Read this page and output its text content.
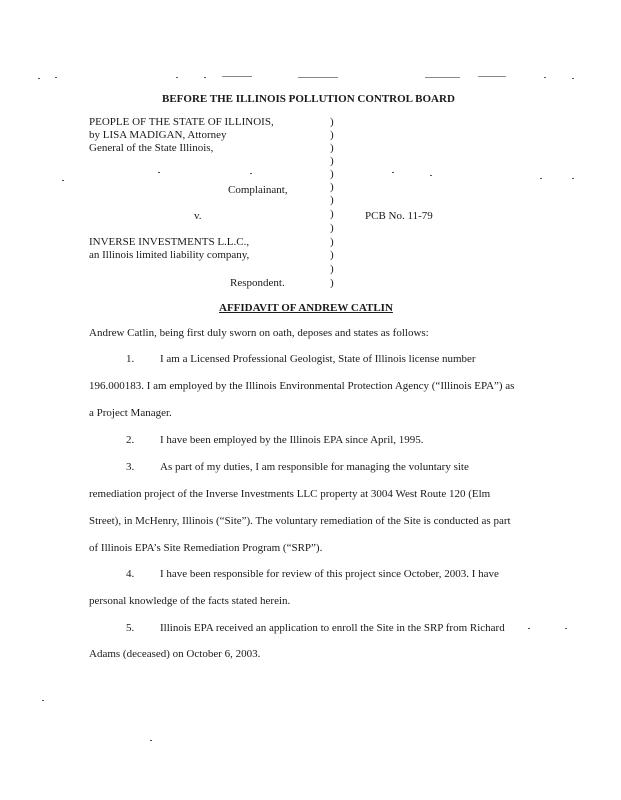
BEFORE THE ILLINOIS POLLUTION CONTROL BOARD
PEOPLE OF THE STATE OF ILLINOIS,
by LISA MADIGAN, Attorney
General of the State Illinois,
Complainant,
v.
INVERSE INVESTMENTS L.L.C.,
an Illinois limited liability company,
Respondent.
)
)
)
)
)
)
)
)
)
)
)
)
)
PCB No. 11-79
AFFIDAVIT OF ANDREW CATLIN
Andrew Catlin, being first duly sworn on oath, deposes and states as follows:
1. I am a Licensed Professional Geologist, State of Illinois license number
196.000183. I am employed by the Illinois Environmental Protection Agency (“Illinois EPA”) as
a Project Manager.
2. I have been employed by the Illinois EPA since April, 1995.
3. As part of my duties, I am responsible for managing the voluntary site
remediation project of the Inverse Investments LLC property at 3004 West Route 120 (Elm
Street), in McHenry, Illinois (“Site”). The voluntary remediation of the Site is conducted as part
of Illinois EPA’s Site Remediation Program (“SRP”).
4. I have been responsible for review of this project since October, 2003. I have
personal knowledge of the facts stated herein.
5. Illinois EPA received an application to enroll the Site in the SRP from Richard
Adams (deceased) on October 6, 2003.
